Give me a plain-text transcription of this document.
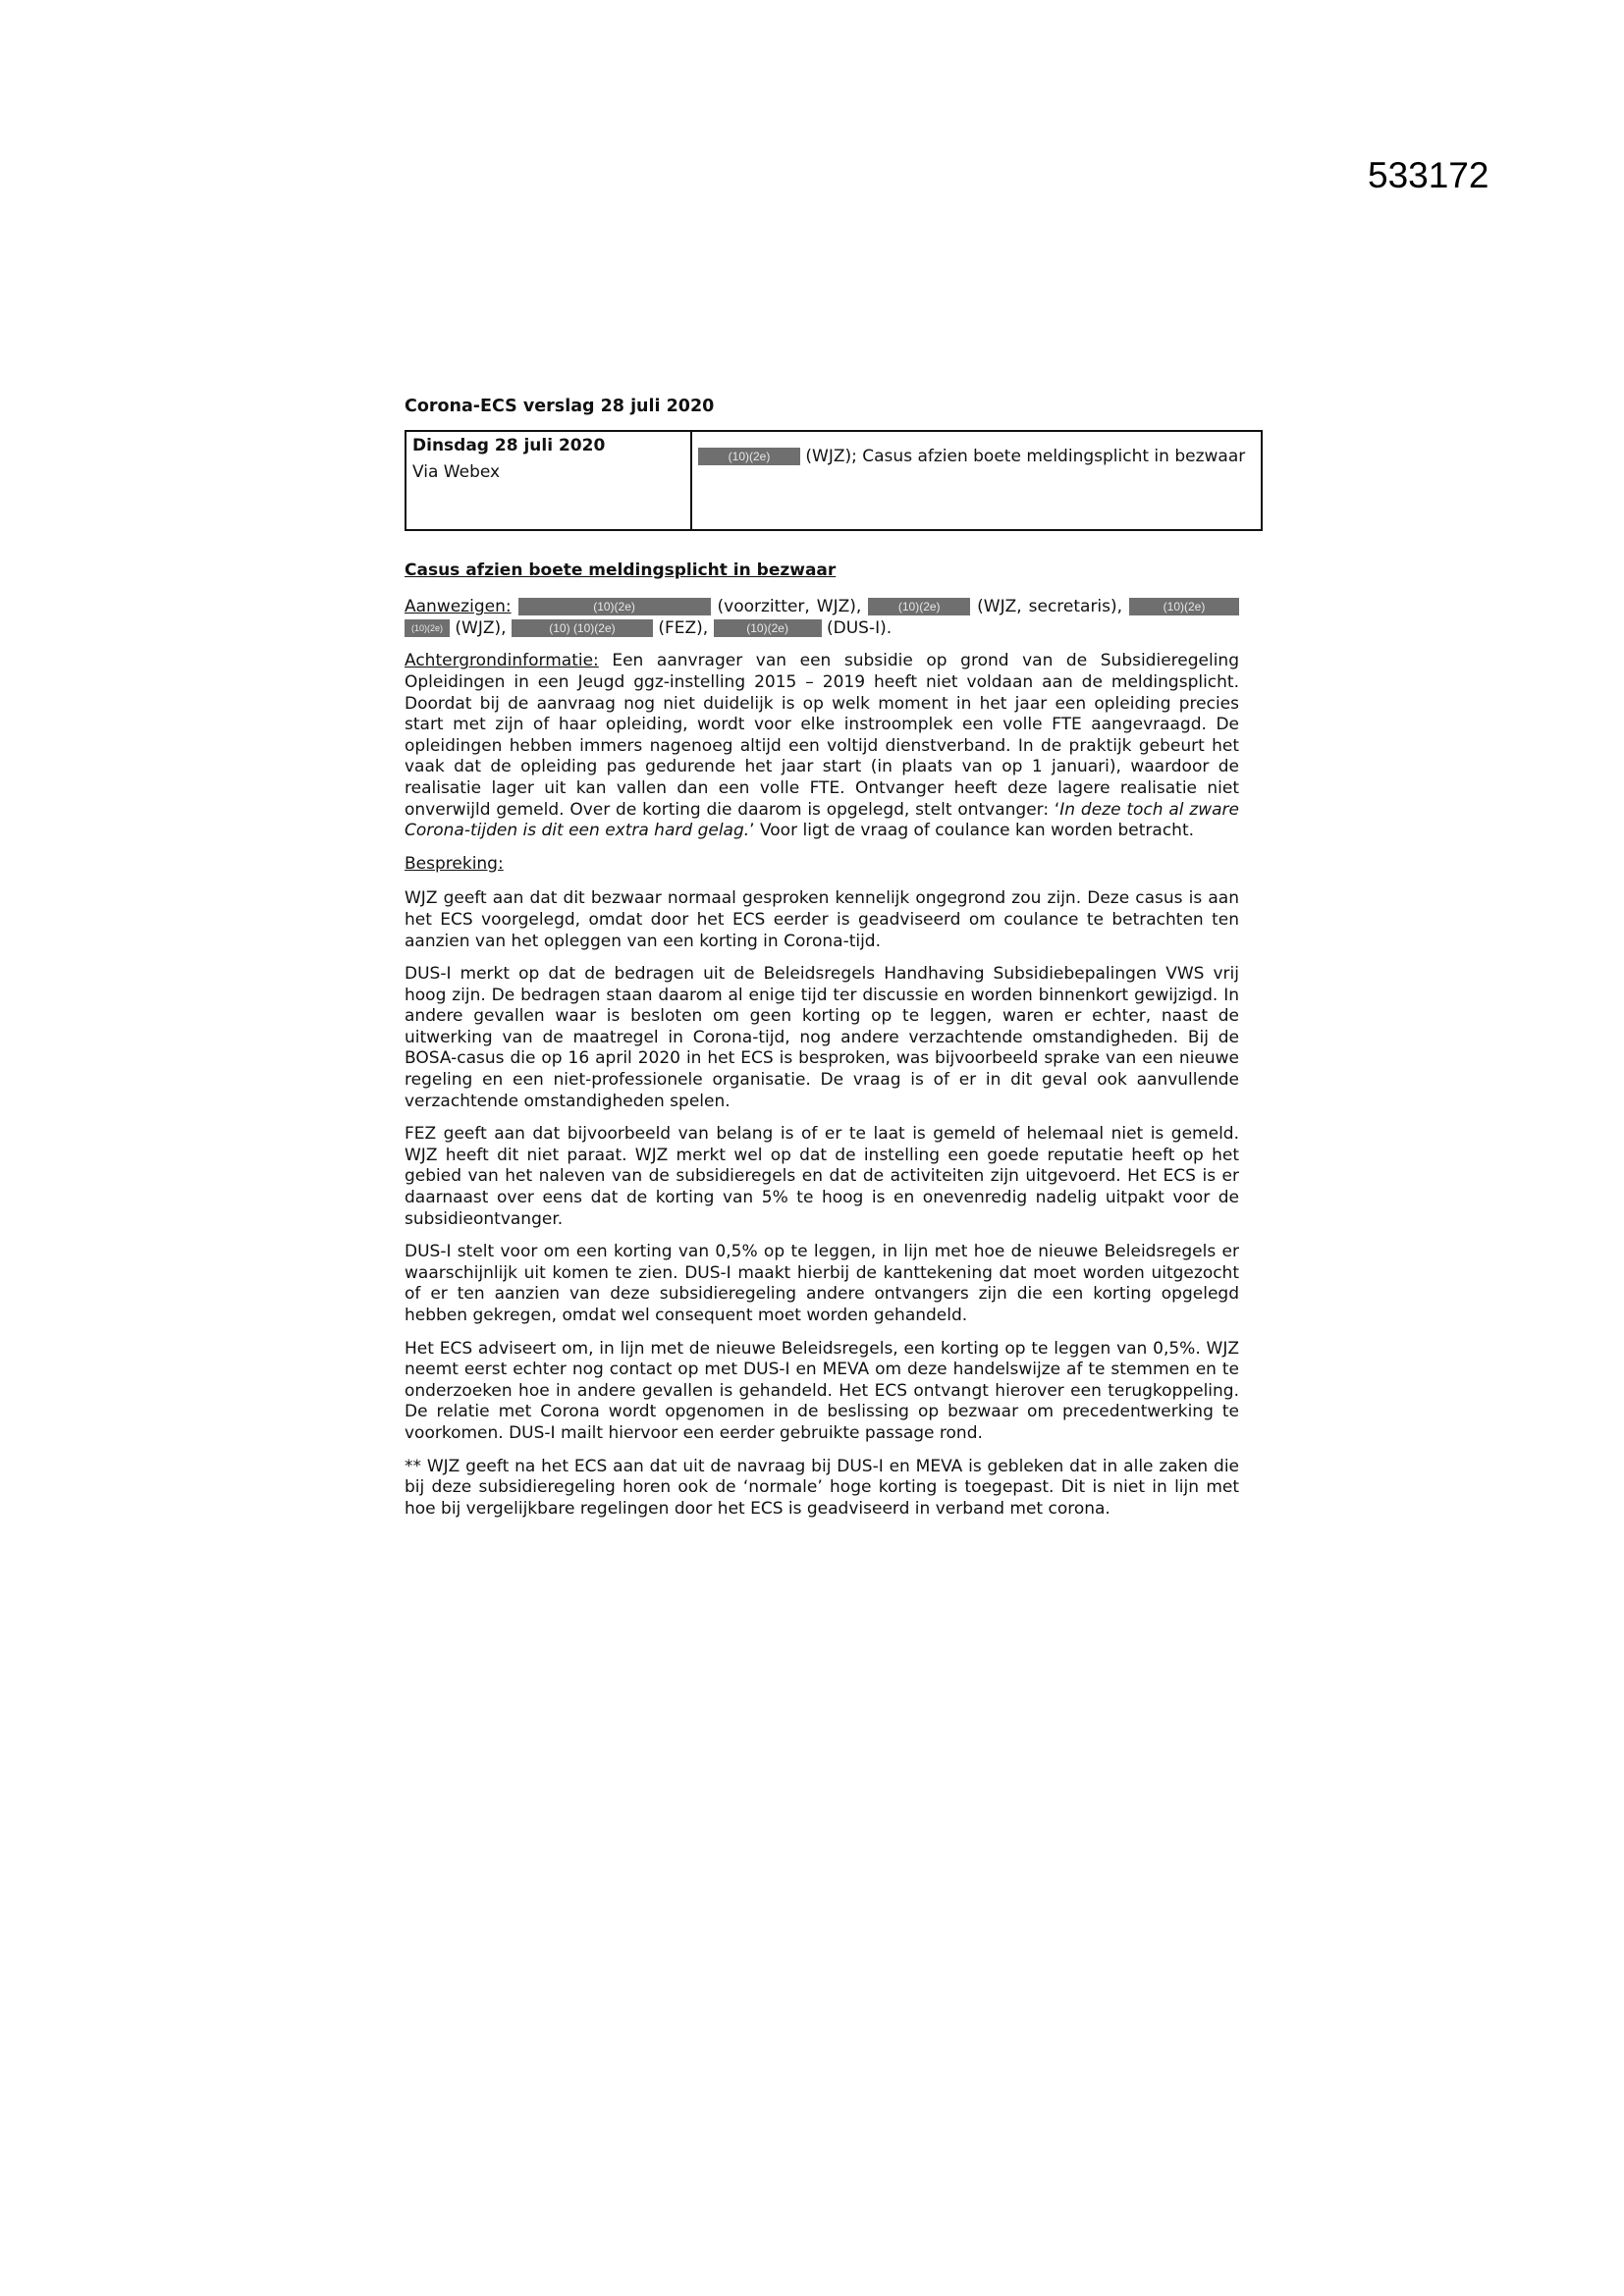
533172

Corona-ECS verslag 28 juli 2020

Dinsdag 28 juli 2020
Via Webex
	(10)(2e) (WJZ); Casus afzien boete meldingsplicht in bezwaar

Casus afzien boete meldingsplicht in bezwaar

Aanwezigen:	(10)(2e)	(voorzitter, WJZ),	(10)(2e) (WJZ, secretaris),	(10)(2e) (10)(2e) (WJZ),	(10) (10)(2e)	(FEZ),	(10)(2e) (DUS-I).

Achtergrondinformatie: Een aanvrager van een subsidie op grond van de Subsidieregeling Opleidingen in een Jeugd ggz-instelling 2015 – 2019 heeft niet voldaan aan de meldingsplicht. Doordat bij de aanvraag nog niet duidelijk is op welk moment in het jaar een opleiding precies start met zijn of haar opleiding, wordt voor elke instroomplek een volle FTE aangevraagd. De opleidingen hebben immers nagenoeg altijd een voltijd dienstverband. In de praktijk gebeurt het vaak dat de opleiding pas gedurende het jaar start (in plaats van op 1 januari), waardoor de realisatie lager uit kan vallen dan een volle FTE. Ontvanger heeft deze lagere realisatie niet onverwijld gemeld. Over de korting die daarom is opgelegd, stelt ontvanger: ‘In deze toch al zware Corona-tijden is dit een extra hard gelag.’ Voor ligt de vraag of coulance kan worden betracht.

Bespreking:

WJZ geeft aan dat dit bezwaar normaal gesproken kennelijk ongegrond zou zijn. Deze casus is aan het ECS voorgelegd, omdat door het ECS eerder is geadviseerd om coulance te betrachten ten aanzien van het opleggen van een korting in Corona-tijd.

DUS-I merkt op dat de bedragen uit de Beleidsregels Handhaving Subsidiebepalingen VWS vrij hoog zijn. De bedragen staan daarom al enige tijd ter discussie en worden binnenkort gewijzigd. In andere gevallen waar is besloten om geen korting op te leggen, waren er echter, naast de uitwerking van de maatregel in Corona-tijd, nog andere verzachtende omstandigheden. Bij de BOSA-casus die op 16 april 2020 in het ECS is besproken, was bijvoorbeeld sprake van een nieuwe regeling en een niet-professionele organisatie. De vraag is of er in dit geval ook aanvullende verzachtende omstandigheden spelen.

FEZ geeft aan dat bijvoorbeeld van belang is of er te laat is gemeld of helemaal niet is gemeld. WJZ heeft dit niet paraat. WJZ merkt wel op dat de instelling een goede reputatie heeft op het gebied van het naleven van de subsidieregels en dat de activiteiten zijn uitgevoerd. Het ECS is er daarnaast over eens dat de korting van 5% te hoog is en onevenredig nadelig uitpakt voor de subsidieontvanger.

DUS-I stelt voor om een korting van 0,5% op te leggen, in lijn met hoe de nieuwe Beleidsregels er waarschijnlijk uit komen te zien. DUS-I maakt hierbij de kanttekening dat moet worden uitgezocht of er ten aanzien van deze subsidieregeling andere ontvangers zijn die een korting opgelegd hebben gekregen, omdat wel consequent moet worden gehandeld.

Het ECS adviseert om, in lijn met de nieuwe Beleidsregels, een korting op te leggen van 0,5%. WJZ neemt eerst echter nog contact op met DUS-I en MEVA om deze handelswijze af te stemmen en te onderzoeken hoe in andere gevallen is gehandeld. Het ECS ontvangt hierover een terugkoppeling. De relatie met Corona wordt opgenomen in de beslissing op bezwaar om precedentwerking te voorkomen. DUS-I mailt hiervoor een eerder gebruikte passage rond.

** WJZ geeft na het ECS aan dat uit de navraag bij DUS-I en MEVA is gebleken dat in alle zaken die bij deze subsidieregeling horen ook de ‘normale’ hoge korting is toegepast. Dit is niet in lijn met hoe bij vergelijkbare regelingen door het ECS is geadviseerd in verband met corona.
